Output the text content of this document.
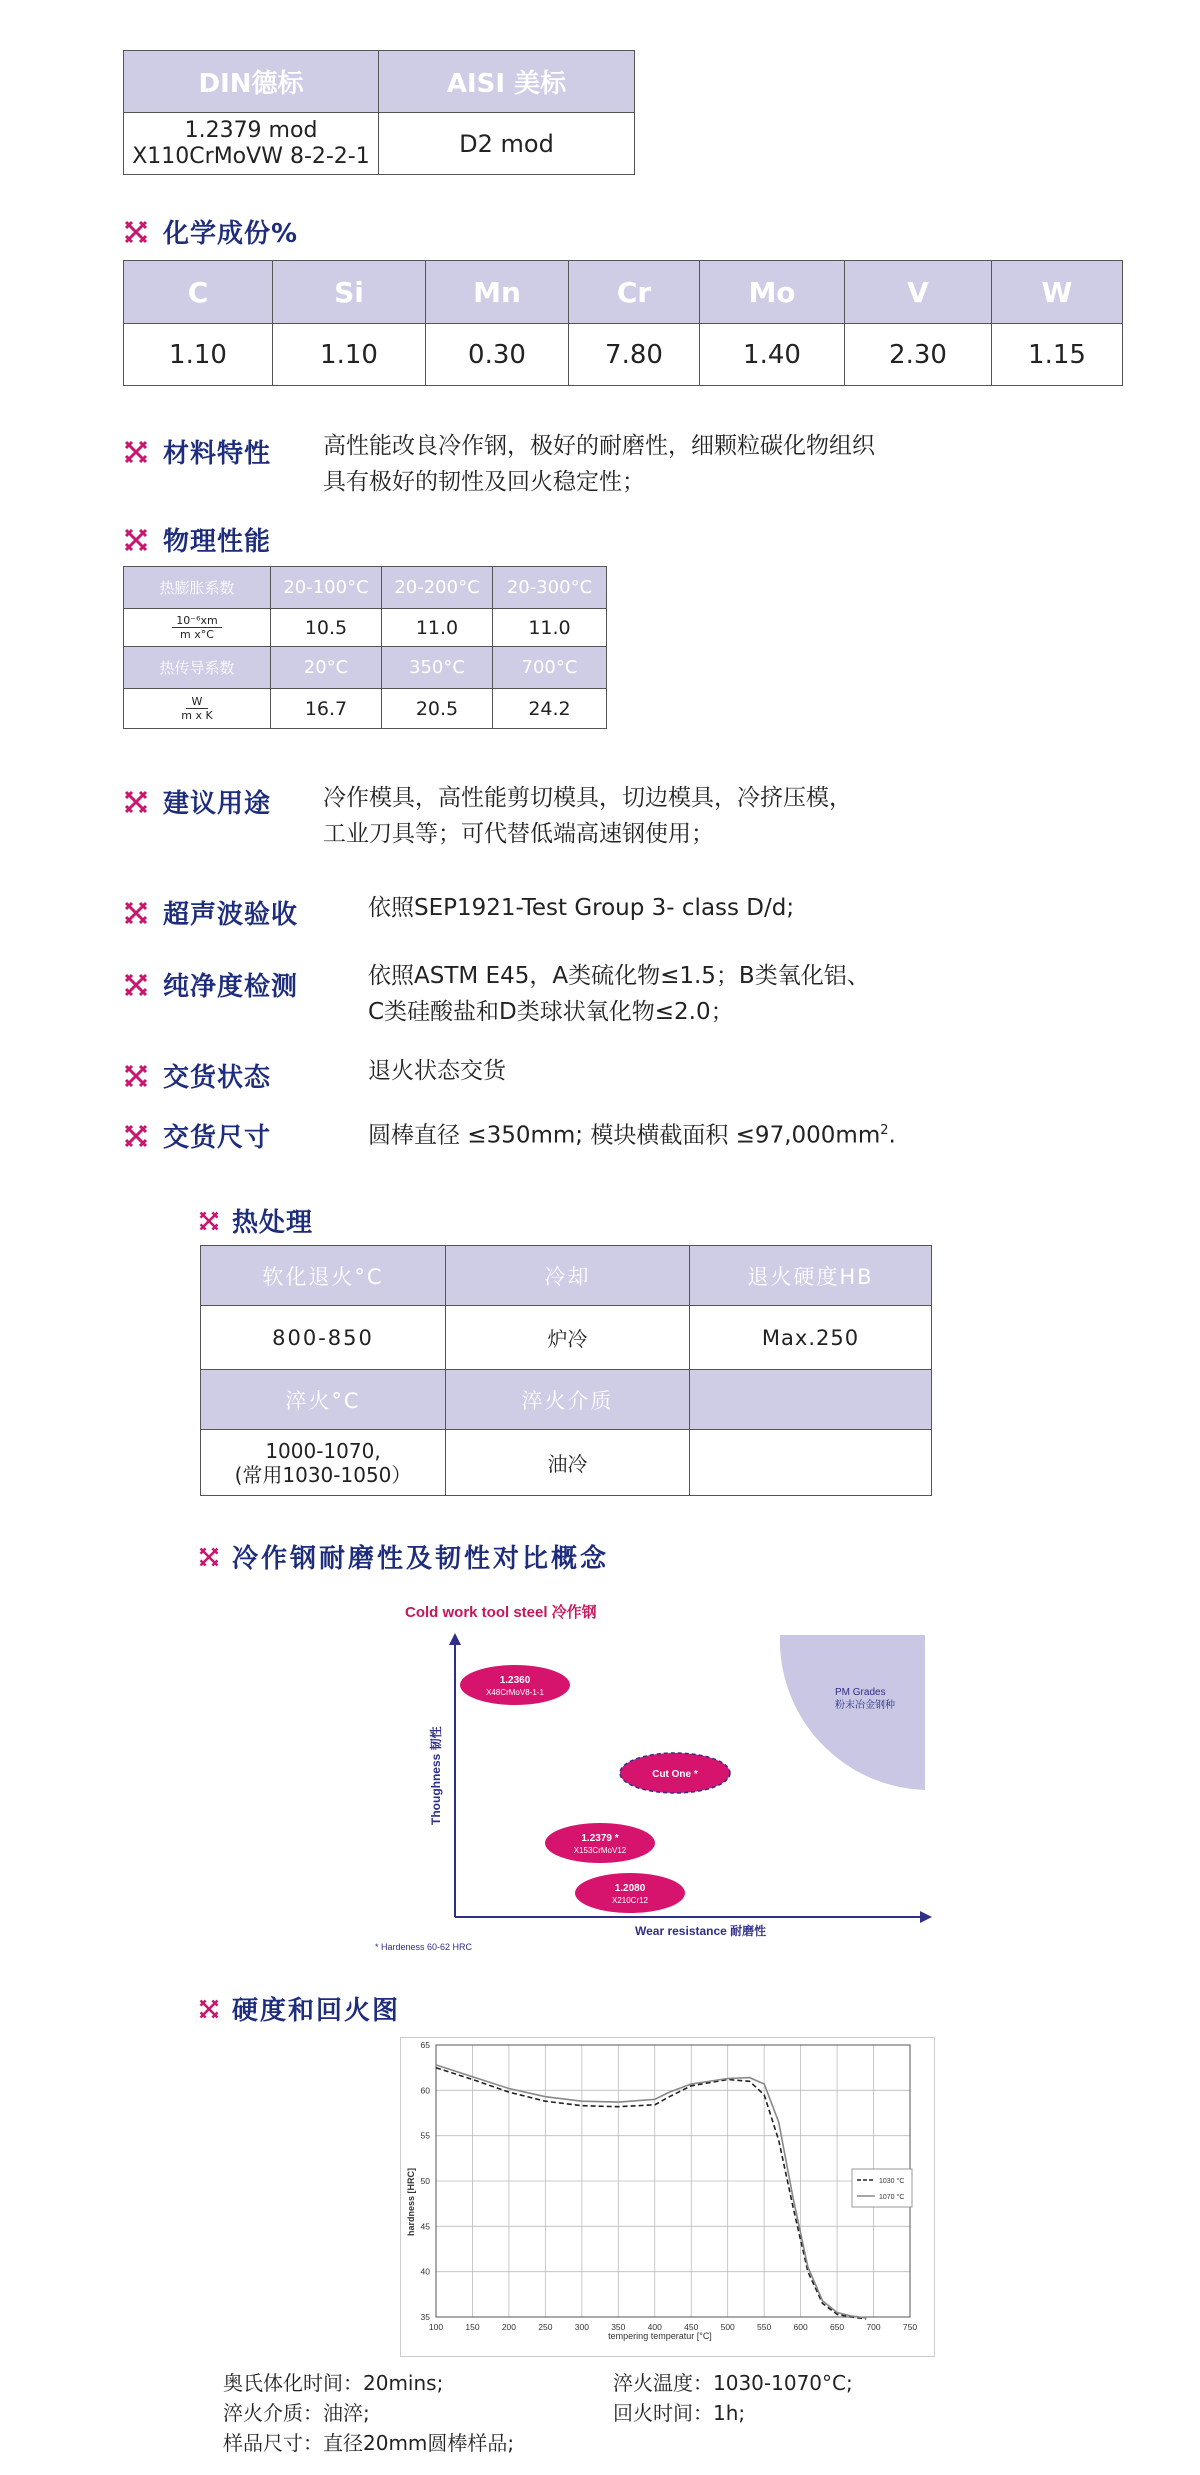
DIN德标	AISI 美标

1.2379 mod
X110CrMoVW 8-2-2-1	D2 mod
化学成份%
C	Si	Mn	Cr	Mo	V	W
1.10	1.10	0.30	7.80	1.40	2.30	1.15
材料特性 高性能改良冷作钢，极好的耐磨性，细颗粒碳化物组织
具有极好的韧性及回火稳定性；
物理性能
热膨胀系数	20-100°C	20-200°C	20-300°C
10⁻⁶xm
m x°C	10.5	11.0	11.0
热传导系数	20°C	350°C	700°C
W
m x K	16.7	20.5	24.2
建议用途 冷作模具，高性能剪切模具，切边模具，冷挤压模，
工业刀具等；可代替低端高速钢使用；
超声波验收	依照SEP1921-Test Group 3- class D/d;
纯净度检测	依照ASTM E45，A类硫化物≤1.5；B类氧化铝、
C类硅酸盐和D类球状氧化物≤2.0；
交货状态	退火状态交货
交货尺寸	圆棒直径 ≤350mm; 模块横截面积 $\le 97,000mm^2$.
热处理
软化退火°C	冷却	退火硬度HB
800-850	炉冷	Max.250
淬火°C	淬火介质	

1000-1070,
(常用1030-1050）	油冷	
冷作钢耐磨性及韧性对比概念
Cold work tool steel 冷作钢
PM Grades
粉末冶金钢种
Thoughness 韧性
Wear resistance 耐磨性
* Hardeness 60-62 HRC
1.2360
X48CrMoV8-1-1
Cut One *
1.2379 *
X153CrMoV12
1.2080
X210Cr12
硬度和回火图
100	150	200	250	300	350	400	450	500	550	600	650	700	750
35
40
45
50
55
60
65
tempering temperatur [°C]
hardness [HRC]	1030 °C
1070 °C
奥氏体化时间：20mins;	淬火温度：1030-1070°C;
淬火介质：油淬;	回火时间：1h;
样品尺寸：直径20mm圆棒样品;
